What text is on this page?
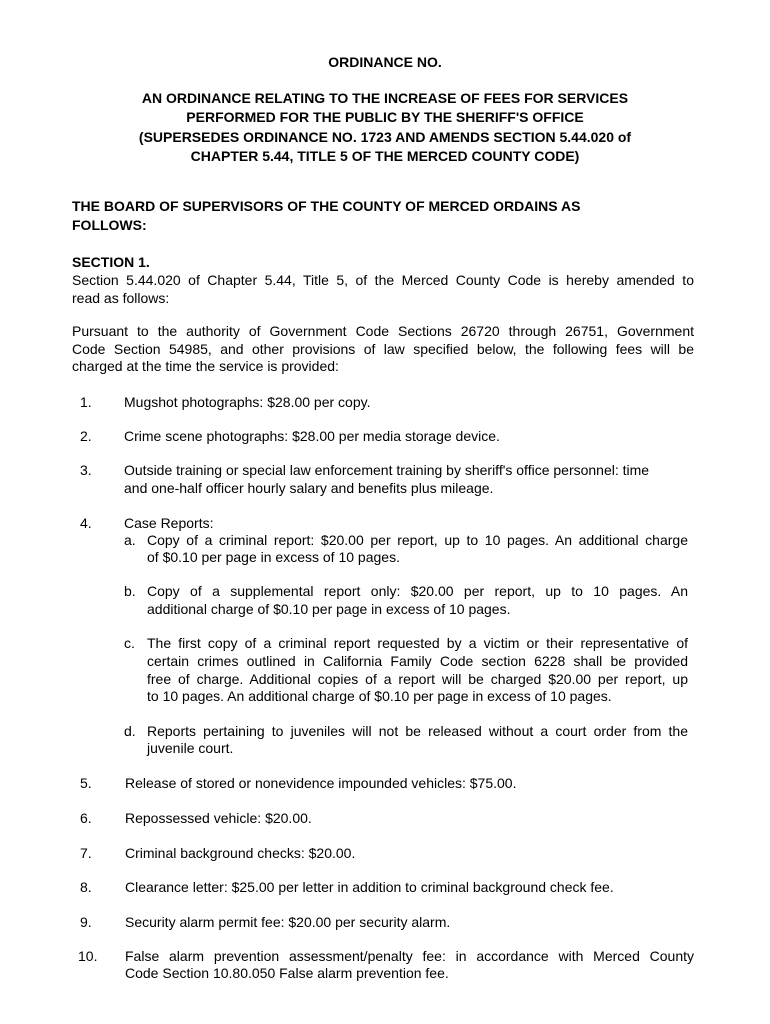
ORDINANCE NO.
AN ORDINANCE RELATING TO THE INCREASE OF FEES FOR SERVICES
PERFORMED FOR THE PUBLIC BY THE SHERIFF'S OFFICE
(SUPERSEDES ORDINANCE NO. 1723 AND AMENDS SECTION 5.44.020 of
CHAPTER 5.44, TITLE 5 OF THE MERCED COUNTY CODE)
THE BOARD OF SUPERVISORS OF THE COUNTY OF MERCED ORDAINS AS
FOLLOWS:
SECTION 1.
Section 5.44.020 of Chapter 5.44, Title 5, of the Merced County Code is hereby amended to
read as follows:
Pursuant to the authority of Government Code Sections 26720 through 26751, Government
Code Section 54985, and other provisions of law specified below, the following fees will be
charged at the time the service is provided:
1. Mugshot photographs: $28.00 per copy.
2. Crime scene photographs: $28.00 per media storage device.
3. Outside training or special law enforcement training by sheriff's office personnel: time
and one-half officer hourly salary and benefits plus mileage.
4. Case Reports:
a. Copy of a criminal report: $20.00 per report, up to 10 pages. An additional charge
of $0.10 per page in excess of 10 pages.
b. Copy of a supplemental report only: $20.00 per report, up to 10 pages. An
additional charge of $0.10 per page in excess of 10 pages.
c. The first copy of a criminal report requested by a victim or their representative of
certain crimes outlined in California Family Code section 6228 shall be provided
free of charge. Additional copies of a report will be charged $20.00 per report, up
to 10 pages. An additional charge of $0.10 per page in excess of 10 pages.
d. Reports pertaining to juveniles will not be released without a court order from the
juvenile court.
5. Release of stored or nonevidence impounded vehicles: $75.00.
6. Repossessed vehicle: $20.00.
7. Criminal background checks: $20.00.
8. Clearance letter: $25.00 per letter in addition to criminal background check fee.
9. Security alarm permit fee: $20.00 per security alarm.
10. False alarm prevention assessment/penalty fee: in accordance with Merced County
Code Section 10.80.050 False alarm prevention fee.
